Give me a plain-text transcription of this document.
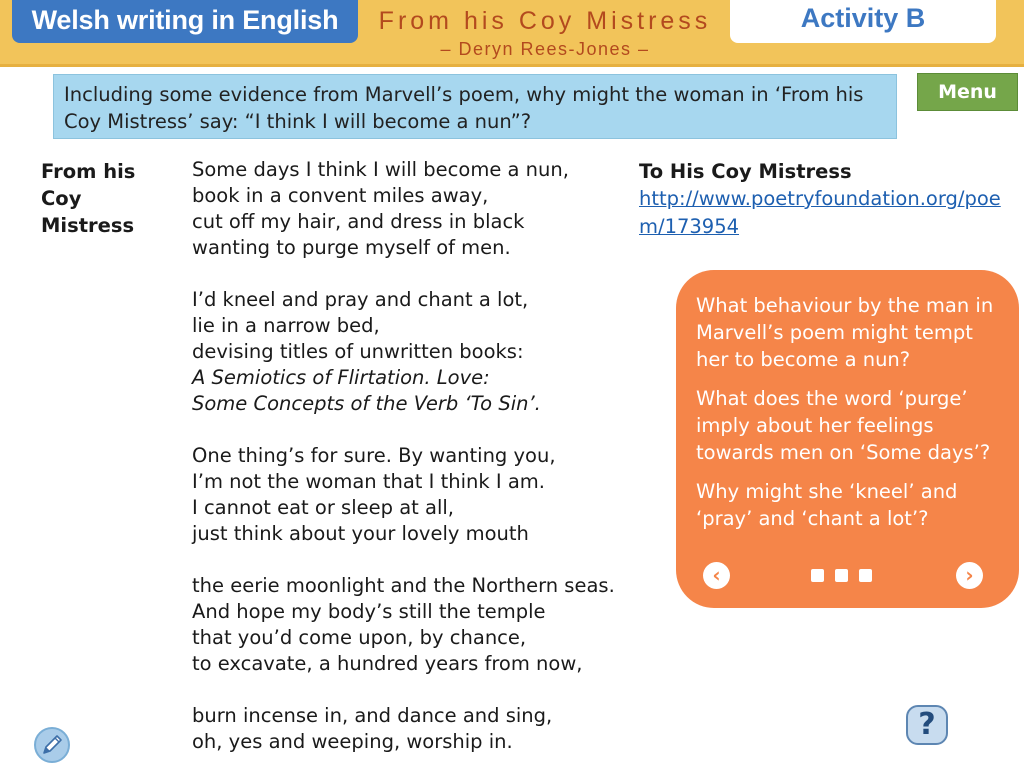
Welsh writing in English	From his Coy Mistress
– Deryn Rees-Jones –
Activity B
Including some evidence from Marvell’s poem, why might the woman in ‘From his Coy Mistress’ say: “I think I will become a nun”?
Menu
From his Coy Mistress
Some days I think I will become a nun,
book in a convent miles away,
cut off my hair, and dress in black
wanting to purge myself of men.
I’d kneel and pray and chant a lot,
lie in a narrow bed,
devising titles of unwritten books:
A Semiotics of Flirtation. Love:
Some Concepts of the Verb ‘To Sin’.
One thing’s for sure. By wanting you,
I’m not the woman that I think I am.
I cannot eat or sleep at all,
just think about your lovely mouth
the eerie moonlight and the Northern seas.
And hope my body’s still the temple
that you’d come upon, by chance,
to excavate, a hundred years from now,
burn incense in, and dance and sing,
oh, yes and weeping, worship in.
To His Coy Mistress
http://www.poetryfoundation.org/poem/173954
What behaviour by the man in Marvell’s poem might tempt her to become a nun?
What does the word ‘purge’ imply about her feelings towards men on ‘Some days’?
Why might she ‘kneel’ and ‘pray’ and ‘chant a lot’?
‹	›
?
